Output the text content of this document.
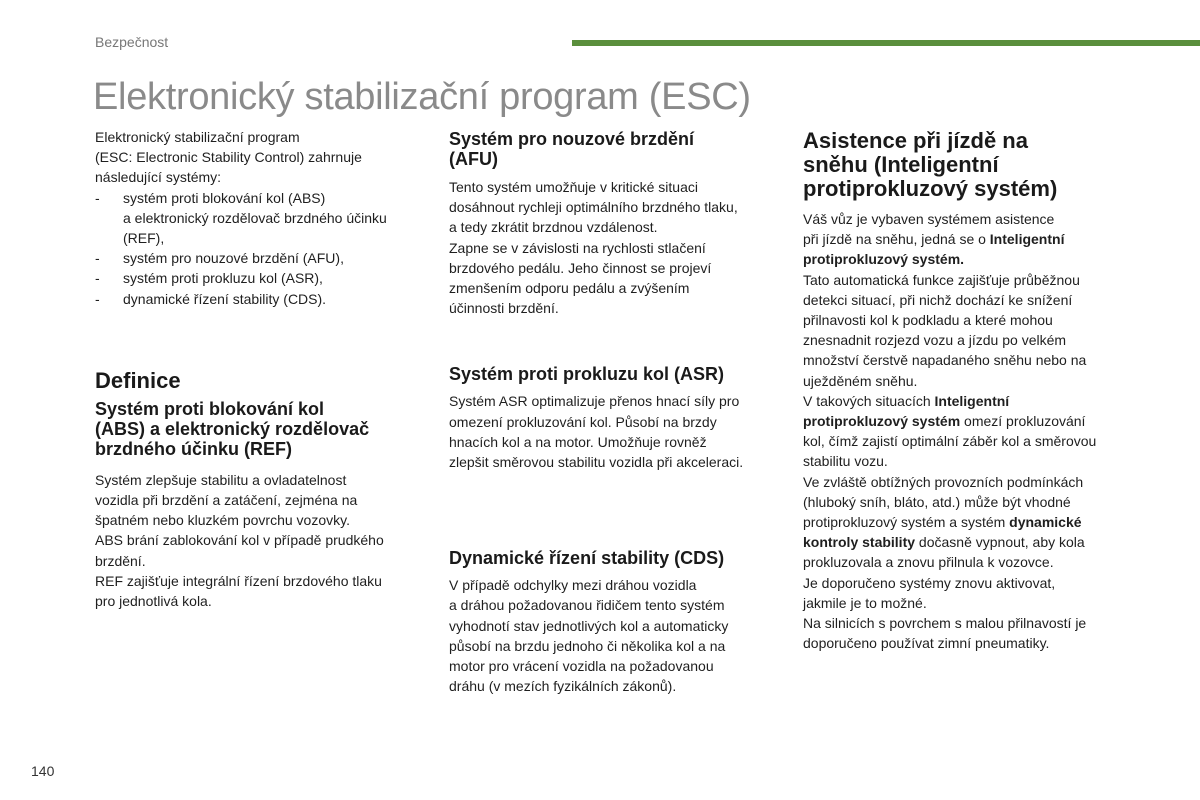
Bezpečnost
Elektronický stabilizační program (ESC)

Elektronický stabilizační program
(ESC: Electronic Stability Control) zahrnuje
následující systémy:

- systém proti blokování kol (ABS)
a elektronický rozdělovač brzdného účinku
(REF),
- systém pro nouzové brzdění (AFU),
- systém proti prokluzu kol (ASR),
- dynamické řízení stability (CDS).
Definice
Systém proti blokování kol
(ABS) a elektronický rozdělovač
brzdného účinku (REF)

Systém zlepšuje stabilitu a ovladatelnost
vozidla při brzdění a zatáčení, zejména na
špatném nebo kluzkém povrchu vozovky.
ABS brání zablokování kol v případě prudkého
brzdění.
REF zajišťuje integrální řízení brzdového tlaku
pro jednotlivá kola.

Systém pro nouzové brzdění
(AFU)

Tento systém umožňuje v kritické situaci
dosáhnout rychleji optimálního brzdného tlaku,
a tedy zkrátit brzdnou vzdálenost.
Zapne se v závislosti na rychlosti stlačení
brzdového pedálu. Jeho činnost se projeví
zmenšením odporu pedálu a zvýšením
účinnosti brzdění.

Systém proti prokluzu kol (ASR)

Systém ASR optimalizuje přenos hnací síly pro
omezení prokluzování kol. Působí na brzdy
hnacích kol a na motor. Umožňuje rovněž
zlepšit směrovou stabilitu vozidla při akceleraci.

Dynamické řízení stability (CDS)

V případě odchylky mezi dráhou vozidla
a dráhou požadovanou řidičem tento systém
vyhodnotí stav jednotlivých kol a automaticky
působí na brzdu jednoho či několika kol a na
motor pro vrácení vozidla na požadovanou
dráhu (v mezích fyzikálních zákonů).

Asistence při jízdě na
sněhu (Inteligentní
protiprokluzový systém)

Váš vůz je vybaven systémem asistence
při jízdě na sněhu, jedná se o Inteligentní
protiprokluzový systém.
Tato automatická funkce zajišťuje průběžnou
detekci situací, při nichž dochází ke snížení
přilnavosti kol k podkladu a které mohou
znesnadnit rozjezd vozu a jízdu po velkém
množství čerstvě napadaného sněhu nebo na
uježděném sněhu.
V takových situacích Inteligentní
protiprokluzový systém omezí prokluzování
kol, čímž zajistí optimální záběr kol a směrovou
stabilitu vozu.
Ve zvláště obtížných provozních podmínkách
(hluboký sníh, bláto, atd.) může být vhodné
protiprokluzový systém a systém dynamické
kontroly stability dočasně vypnout, aby kola
prokluzovala a znovu přilnula k vozovce.
Je doporučeno systémy znovu aktivovat,
jakmile je to možné.
Na silnicích s povrchem s malou přilnavostí je
doporučeno používat zimní pneumatiky.

140
